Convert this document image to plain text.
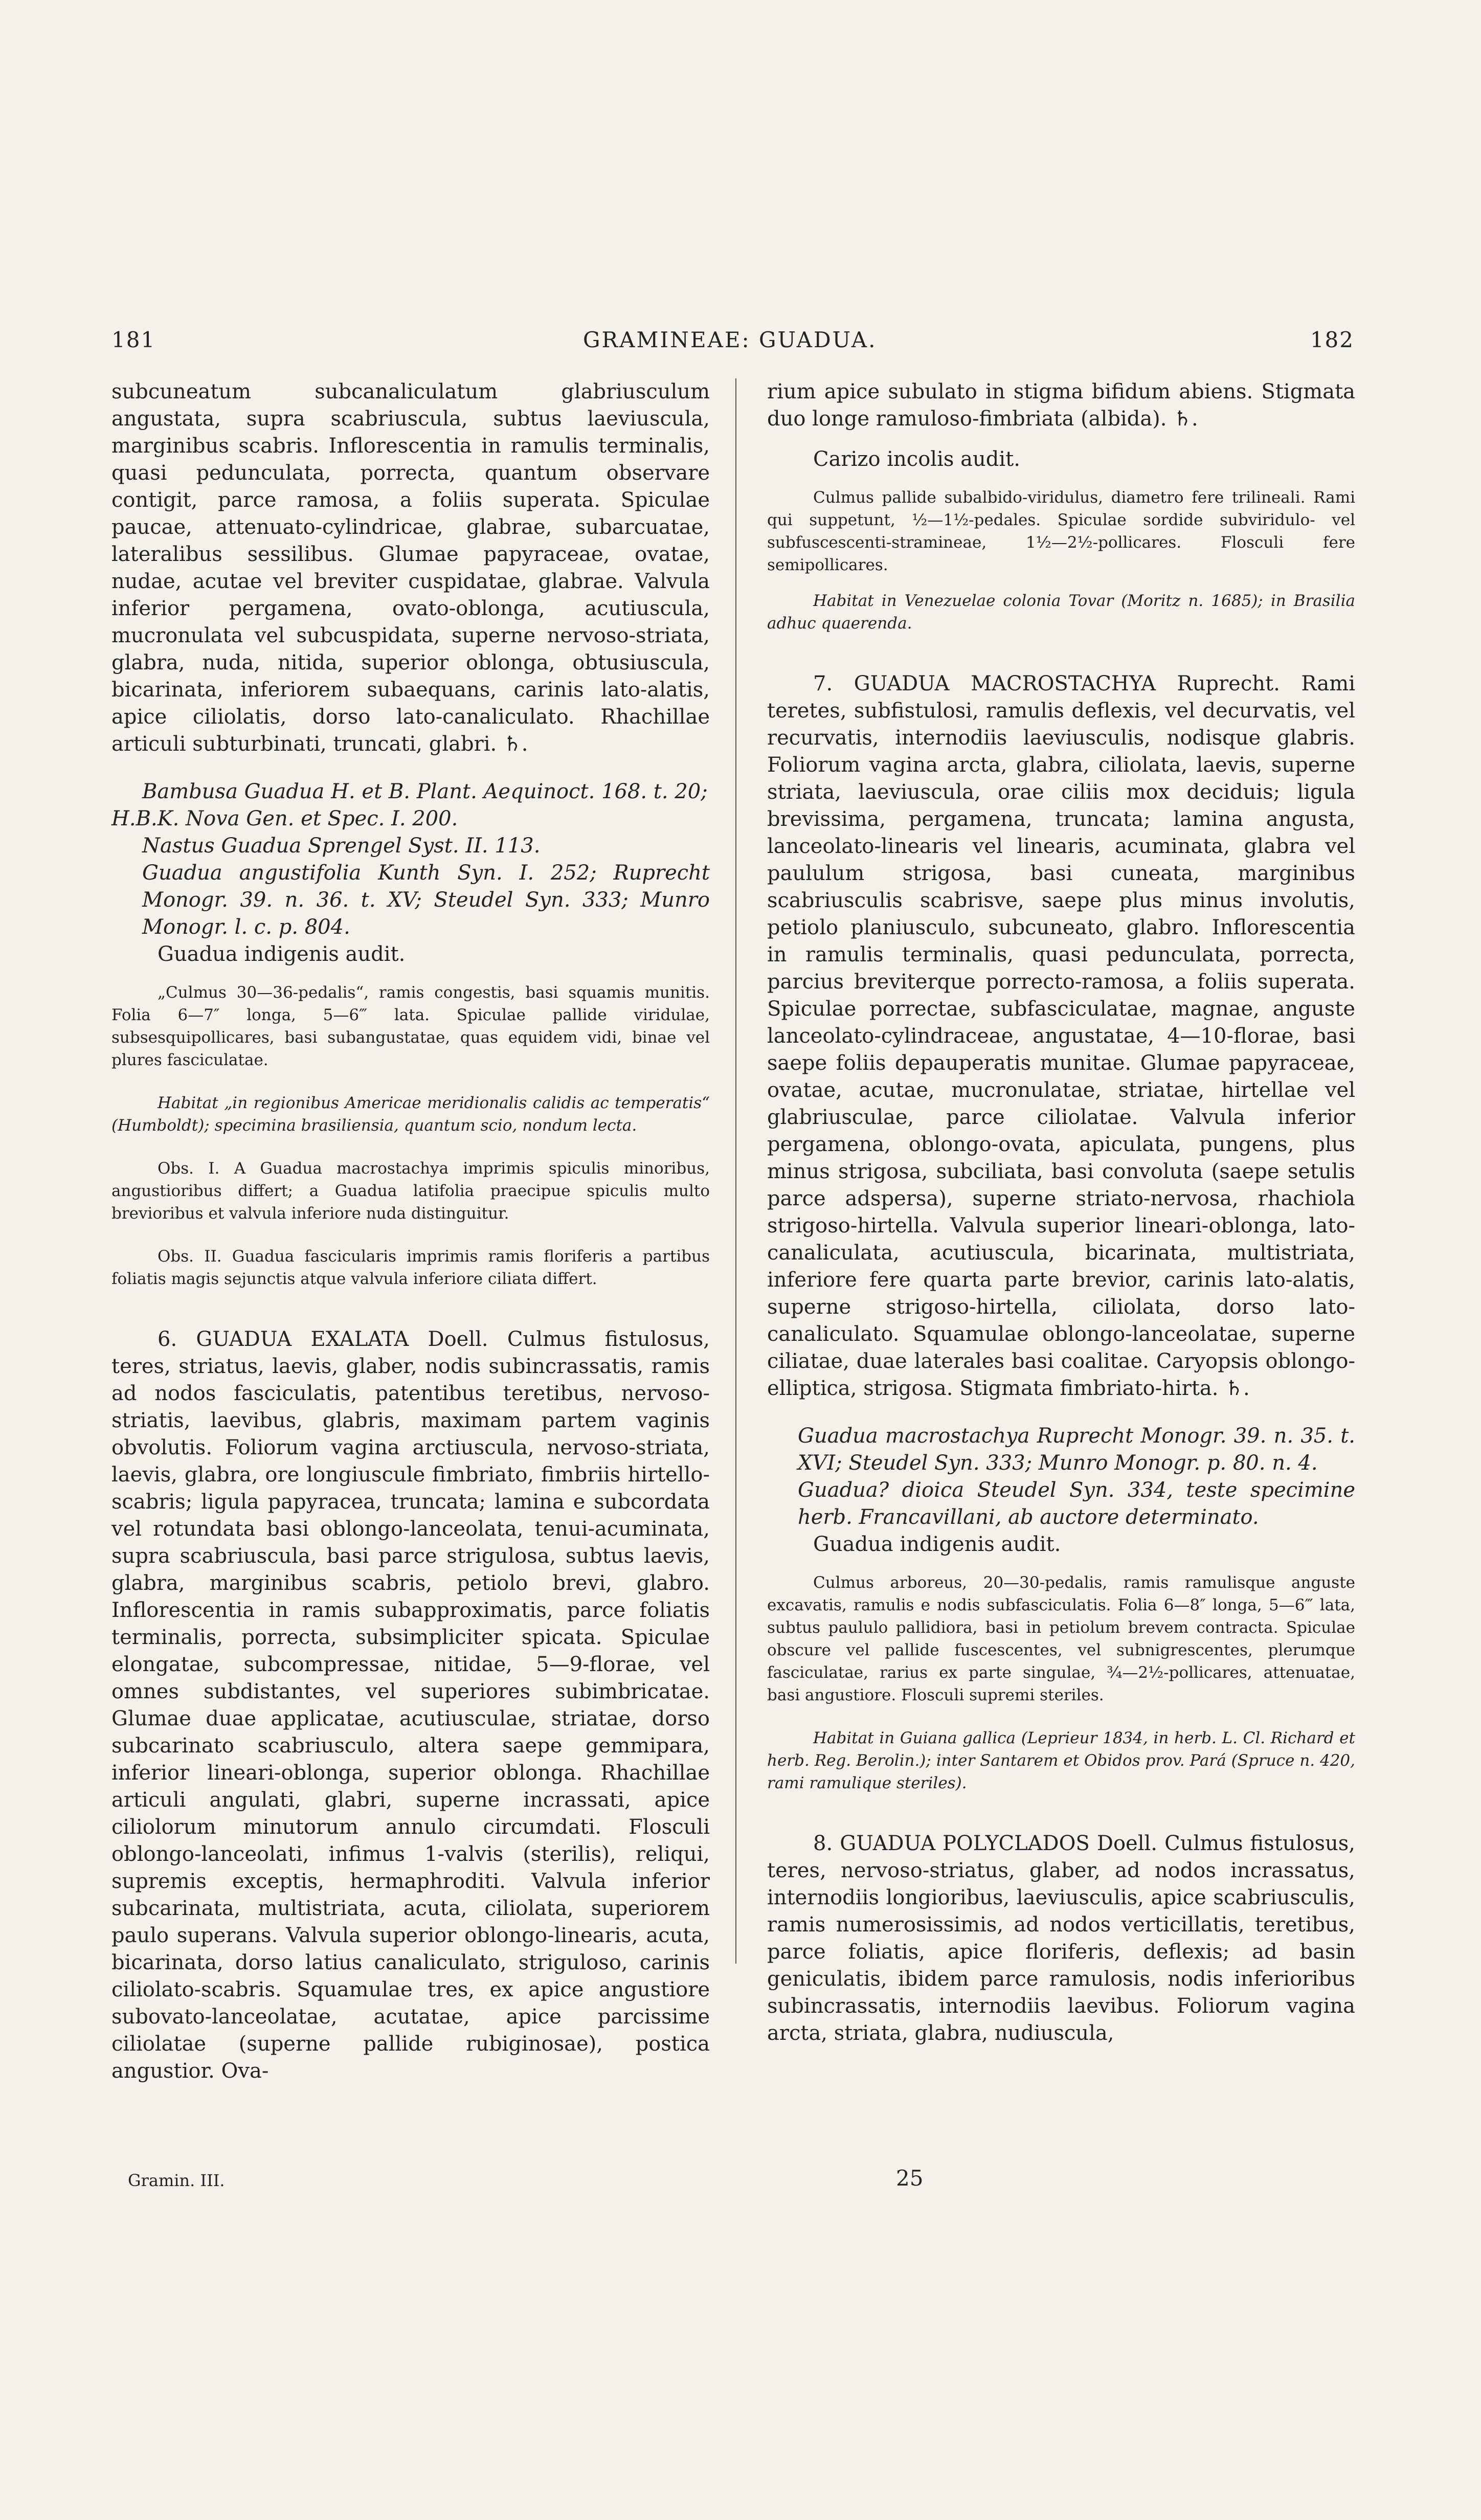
181	GRAMINEAE: GUADUA.	182

subcuneatum subcanaliculatum glabriusculum angustata, supra scabriuscula, subtus laeviuscula, marginibus scabris. Inflorescentia in ramulis terminalis, quasi pedunculata, porrecta, quantum observare contigit, parce ramosa, a foliis superata. Spiculae paucae, attenuato-cylindricae, glabrae, subarcuatae, lateralibus sessilibus. Glumae papyraceae, ovatae, nudae, acutae vel breviter cuspidatae, glabrae. Valvula inferior pergamena, ovato-oblonga, acutiuscula, mucronulata vel subcuspidata, superne nervoso-striata, glabra, nuda, nitida, superior oblonga, obtusiuscula, bicarinata, inferiorem subaequans, carinis lato-alatis, apice ciliolatis, dorso lato-canaliculato. Rhachillae articuli subturbinati, truncati, glabri. ♄.

Bambusa Guadua H. et B. Plant. Aequinoct. 168. t. 20;

H.B.K. Nova Gen. et Spec. I. 200.

Nastus Guadua Sprengel Syst. II. 113.

Guadua angustifolia Kunth Syn. I. 252; Ruprecht Monogr. 39. n. 36. t. XV; Steudel Syn. 333; Munro Monogr. l. c. p. 804.

Guadua indigenis audit.

„Culmus 30—36-pedalis“, ramis congestis, basi squamis munitis. Folia 6—7″ longa, 5—6‴ lata. Spiculae pallide viridulae, subsesquipollicares, basi subangustatae, quas equidem vidi, binae vel plures fasciculatae.

Habitat „in regionibus Americae meridionalis calidis ac temperatis“ (Humboldt); specimina brasiliensia, quantum scio, nondum lecta.

Obs. I. A Guadua macrostachya imprimis spiculis minoribus, angustioribus differt; a Guadua latifolia praecipue spiculis multo brevioribus et valvula inferiore nuda distinguitur.

Obs. II. Guadua fascicularis imprimis ramis floriferis a partibus foliatis magis sejunctis atque valvula inferiore ciliata differt.

6. GUADUA EXALATA Doell. Culmus fistulosus, teres, striatus, laevis, glaber, nodis subincrassatis, ramis ad nodos fasciculatis, patentibus teretibus, nervoso-striatis, laevibus, glabris, maximam partem vaginis obvolutis. Foliorum vagina arctiuscula, nervoso-striata, laevis, glabra, ore longiuscule fimbriato, fimbriis hirtello-scabris; ligula papyracea, truncata; lamina e subcordata vel rotundata basi oblongo-lanceolata, tenui-acuminata, supra scabriuscula, basi parce strigulosa, subtus laevis, glabra, marginibus scabris, petiolo brevi, glabro. Inflorescentia in ramis subapproximatis, parce foliatis terminalis, porrecta, subsimpliciter spicata. Spiculae elongatae, subcompressae, nitidae, 5—9-florae, vel omnes subdistantes, vel superiores subimbricatae. Glumae duae applicatae, acutiusculae, striatae, dorso subcarinato scabriusculo, altera saepe gemmipara, inferior lineari-oblonga, superior oblonga. Rhachillae articuli angulati, glabri, superne incrassati, apice ciliolorum minutorum annulo circumdati. Flosculi oblongo-lanceolati, infimus 1-valvis (sterilis), reliqui, supremis exceptis, hermaphroditi. Valvula inferior subcarinata, multistriata, acuta, ciliolata, superiorem paulo superans. Valvula superior oblongo-linearis, acuta, bicarinata, dorso latius canaliculato, striguloso, carinis ciliolato-scabris. Squamulae tres, ex apice angustiore subovato-lanceolatae, acutatae, apice parcissime ciliolatae (superne pallide rubiginosae), postica angustior. Ova-

rium apice subulato in stigma bifidum abiens. Stigmata duo longe ramuloso-fimbriata (albida). ♄.

Carizo incolis audit.

Culmus pallide subalbido-viridulus, diametro fere trilineali. Rami qui suppetunt, ½—1½-pedales. Spiculae sordide subviridulo- vel subfuscescenti-stramineae, 1½—2½-pollicares. Flosculi fere semipollicares.

Habitat in Venezuelae colonia Tovar (Moritz n. 1685); in Brasilia adhuc quaerenda.

7. GUADUA MACROSTACHYA Ruprecht. Rami teretes, subfistulosi, ramulis deflexis, vel decurvatis, vel recurvatis, internodiis laeviusculis, nodisque glabris. Foliorum vagina arcta, glabra, ciliolata, laevis, superne striata, laeviuscula, orae ciliis mox deciduis; ligula brevissima, pergamena, truncata; lamina angusta, lanceolato-linearis vel linearis, acuminata, glabra vel paululum strigosa, basi cuneata, marginibus scabriusculis scabrisve, saepe plus minus involutis, petiolo planiusculo, subcuneato, glabro. Inflorescentia in ramulis terminalis, quasi pedunculata, porrecta, parcius breviterque porrecto-ramosa, a foliis superata. Spiculae porrectae, subfasciculatae, magnae, anguste lanceolato-cylindraceae, angustatae, 4—10-florae, basi saepe foliis depauperatis munitae. Glumae papyraceae, ovatae, acutae, mucronulatae, striatae, hirtellae vel glabriusculae, parce ciliolatae. Valvula inferior pergamena, oblongo-ovata, apiculata, pungens, plus minus strigosa, subciliata, basi convoluta (saepe setulis parce adspersa), superne striato-nervosa, rhachiola strigoso-hirtella. Valvula superior lineari-oblonga, lato-canaliculata, acutiuscula, bicarinata, multistriata, inferiore fere quarta parte brevior, carinis lato-alatis, superne strigoso-hirtella, ciliolata, dorso lato-canaliculato. Squamulae oblongo-lanceolatae, superne ciliatae, duae laterales basi coalitae. Caryopsis oblongo-elliptica, strigosa. Stigmata fimbriato-hirta. ♄.

Guadua macrostachya Ruprecht Monogr. 39. n. 35. t. XVI; Steudel Syn. 333; Munro Monogr. p. 80. n. 4.

Guadua? dioica Steudel Syn. 334, teste specimine herb. Francavillani, ab auctore determinato.

Guadua indigenis audit.

Culmus arboreus, 20—30-pedalis, ramis ramulisque anguste excavatis, ramulis e nodis subfasciculatis. Folia 6—8″ longa, 5—6‴ lata, subtus paululo pallidiora, basi in petiolum brevem contracta. Spiculae obscure vel pallide fuscescentes, vel subnigrescentes, plerumque fasciculatae, rarius ex parte singulae, ¾—2½-pollicares, attenuatae, basi angustiore. Flosculi supremi steriles.

Habitat in Guiana gallica (Leprieur 1834, in herb. L. Cl. Richard et herb. Reg. Berolin.); inter Santarem et Obidos prov. Pará (Spruce n. 420, rami ramulique steriles).

8. GUADUA POLYCLADOS Doell. Culmus fistulosus, teres, nervoso-striatus, glaber, ad nodos incrassatus, internodiis longioribus, laeviusculis, apice scabriusculis, ramis numerosissimis, ad nodos verticillatis, teretibus, parce foliatis, apice floriferis, deflexis; ad basin geniculatis, ibidem parce ramulosis, nodis inferioribus subincrassatis, internodiis laevibus. Foliorum vagina arcta, striata, glabra, nudiuscula,

Gramin. III.	25
